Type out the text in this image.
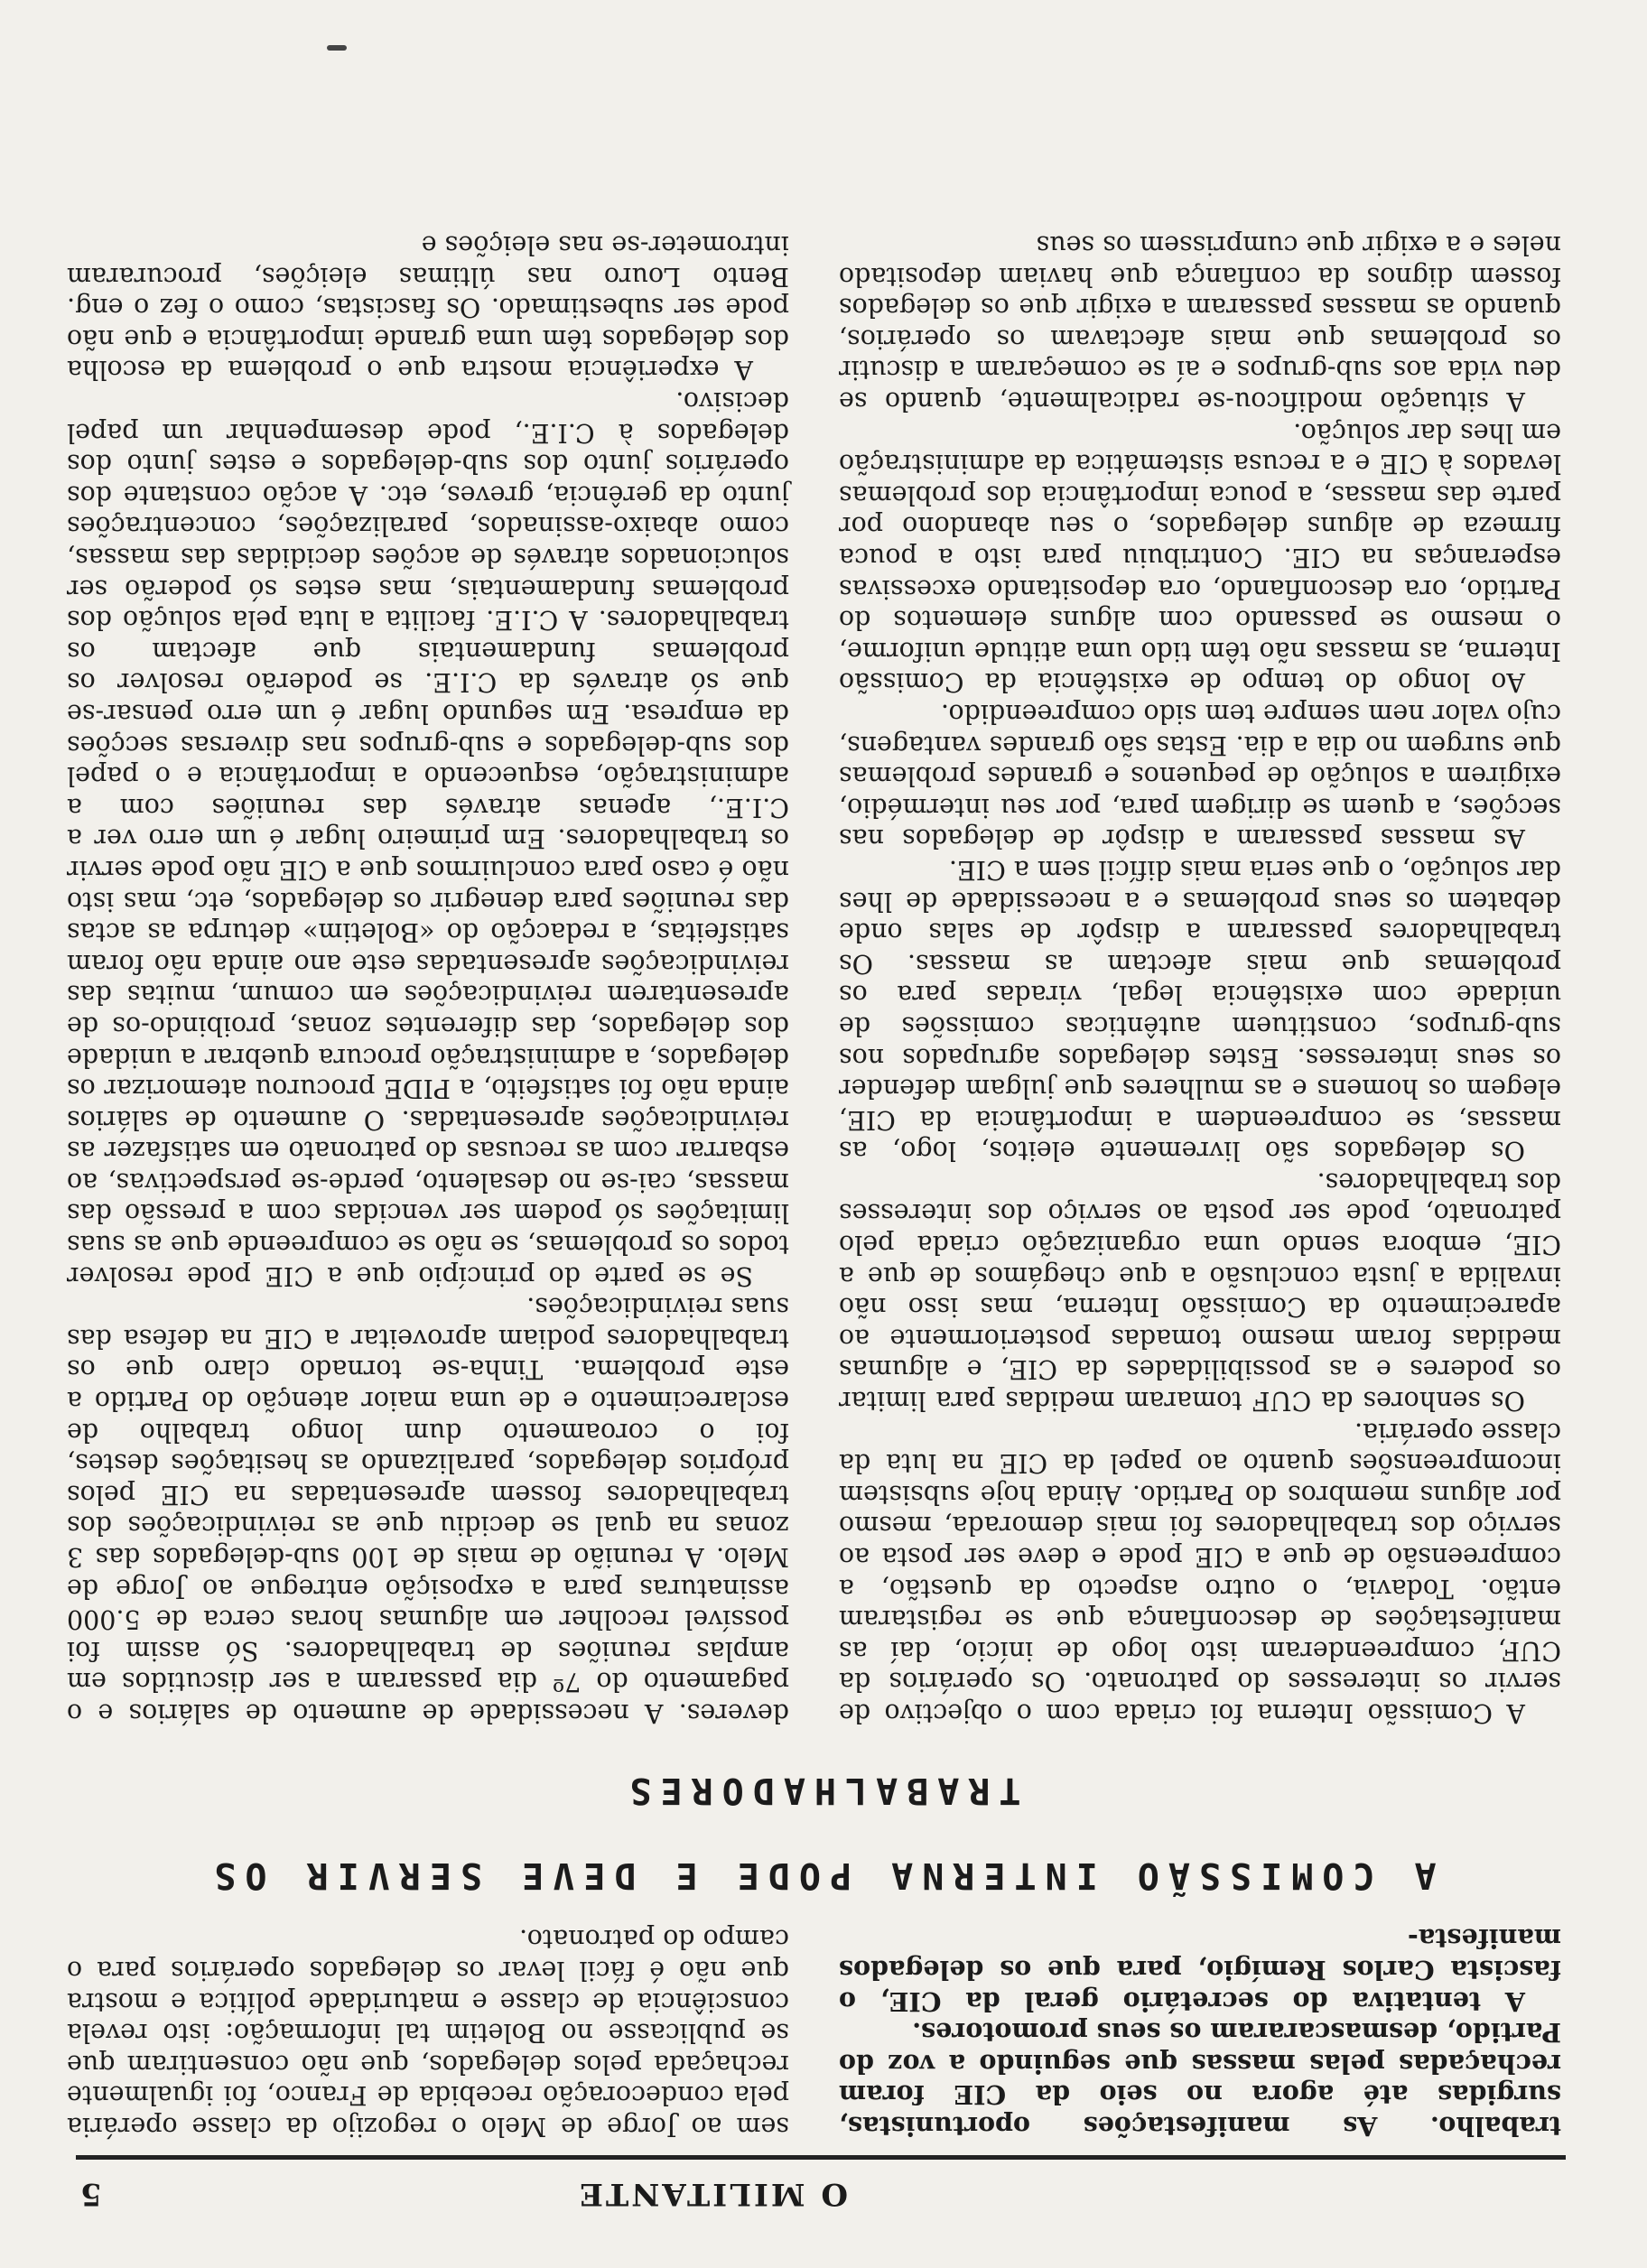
O MILITANTE
5

trabalho. As manifestações oportunistas, surgidas até agora no seio da CIE foram rechaçadas pelas massas que seguindo a voz do Partido, desmascararam os seus promotores.

A tentativa do secretário geral da CIE, o fascista Carlos Remígio, para que os delegados manifesta-

sem ao Jorge de Melo o regozijo da classe operária pela condecoração recebida de Franco, foi igualmente rechaçada pelos delegados, que não consentiram que se publicasse no Boletim tal informação: isto revela consciência de classe e maturidade política e mostra que não é fácil levar os delegados operários para o campo do patronato.

A COMISSÃO INTERNA PODE E DEVE SERVIR OS
TRABALHADORES

A Comissão Interna foi criada com o objectivo de servir os interesses do patronato. Os operários da CUF, compreenderam isto logo de início, daí as manifestações de desconfiança que se registaram então. Todavia, o outro aspecto da questão, a compreensão de que a CIE pode e deve ser posta ao serviço dos trabalhadores foi mais demorada, mesmo por alguns membros do Partido. Ainda hoje subsistem incompreensões quanto ao papel da CIE na luta da classe operária.

Os senhores da CUF tomaram medidas para limitar os poderes e as possibilidades da CIE, e algumas medidas foram mesmo tomadas posteriormente ao aparecimento da Comissão Interna, mas isso não invalida a justa conclusão a que chegámos de que a CIE, embora sendo uma organização criada pelo patronato, pode ser posta ao serviço dos interesses dos trabalhadores.

Os delegados são livremente eleitos, logo, as massas, se compreendem a importância da CIE, elegem os homens e as mulheres que julgam defender os seus interesses. Estes delegados agrupados nos sub-grupos, constituem autênticas comissões de unidade com existência legal, viradas para os problemas que mais afectam as massas. Os trabalhadores passaram a dispôr de salas onde debatem os seus problemas e a necessidade de lhes dar solução, o que seria mais difícil sem a CIE.

As massas passaram a dispôr de delegados nas secções, a quem se dirigem para, por seu intermédio, exigirem a solução de pequenos e grandes problemas que surgem no dia a dia. Estas são grandes vantagens, cujo valor nem sempre tem sido compreendido.

Ao longo do tempo de existência da Comissão Interna, as massas não têm tido uma atitude uniforme, o mesmo se passando com alguns elementos do Partido, ora desconfiando, ora depositando excessivas esperanças na CIE. Contribuiu para isto a pouca firmeza de alguns delegados, o seu abandono por parte das massas, a pouca importância dos problemas levados à CIE e a recusa sistemática da administração em lhes dar solução.

A situação modificou-se radicalmente, quando se deu vida aos sub-grupos e aí se começaram a discutir os problemas que mais afectavam os operários, quando as massas passaram a exigir que os delegados fossem dignos da confiança que haviam depositado neles e a exigir que cumprissem os seus

deveres. A necessidade de aumento de salários e o pagamento do 7º dia passaram a ser discutidos em amplas reuniões de trabalhadores. Só assim foi possível recolher em algumas horas cerca de 5.000 assinaturas para a exposição entregue ao Jorge de Melo. A reunião de mais de 100 sub-delegados das 3 zonas na qual se decidiu que as reivindicações dos trabalhadores fossem apresentadas na CIE pelos próprios delegados, paralizando as hesitações destes, foi o coroamento dum longo trabalho de esclarecimento e de uma maior atenção do Partido a este problema. Tinha-se tornado claro que os trabalhadores podiam aproveitar a CIE na defesa das suas reivindicações.

Se se parte do princípio que a CIE pode resolver todos os problemas, se não se compreende que as suas limitações só podem ser vencidas com a pressão das massas, cai-se no desalento, perde-se perspectivas, ao esbarrar com as recusas do patronato em satisfazer as reivindicações apresentadas. O aumento de salários ainda não foi satisfeito, a PIDE procurou atemorizar os delegados, a administração procura quebrar a unidade dos delegados, das diferentes zonas, proibindo-os de apresentarem reivindicações em comum, muitas das reivindicações apresentadas este ano ainda não foram satisfeitas, a redacção do «Boletim» deturpa as actas das reuniões para denegrir os delegados, etc, mas isto não é caso para concluirmos que a CIE não pode servir os trabalhadores. Em primeiro lugar é um erro ver a C.I.E., apenas através das reuniões com a administração, esquecendo a importância e o papel dos sub-delegados e sub-grupos nas diversas secções da empresa. Em segundo lugar é um erro pensar-se que só através da C.I.E. se poderão resolver os problemas fundamentais que afectam os trabalhadores. A C.I.E. facilita a luta pela solução dos problemas fundamentais, mas estes só poderão ser solucionados através de acções decididas das massas, como abaixo-assinados, paralizações, concentrações junto da gerência, greves, etc. A acção constante dos operários junto dos sub-delegados e estes junto dos delegados à C.I.E., pode desempenhar um papel decisivo.

A experiência mostra que o problema da escolha dos delegados têm uma grande importância e que não pode ser subestimado. Os fascistas, como o fez o eng. Bento Louro nas últimas eleições, procuraram intrometer-se nas eleições e
